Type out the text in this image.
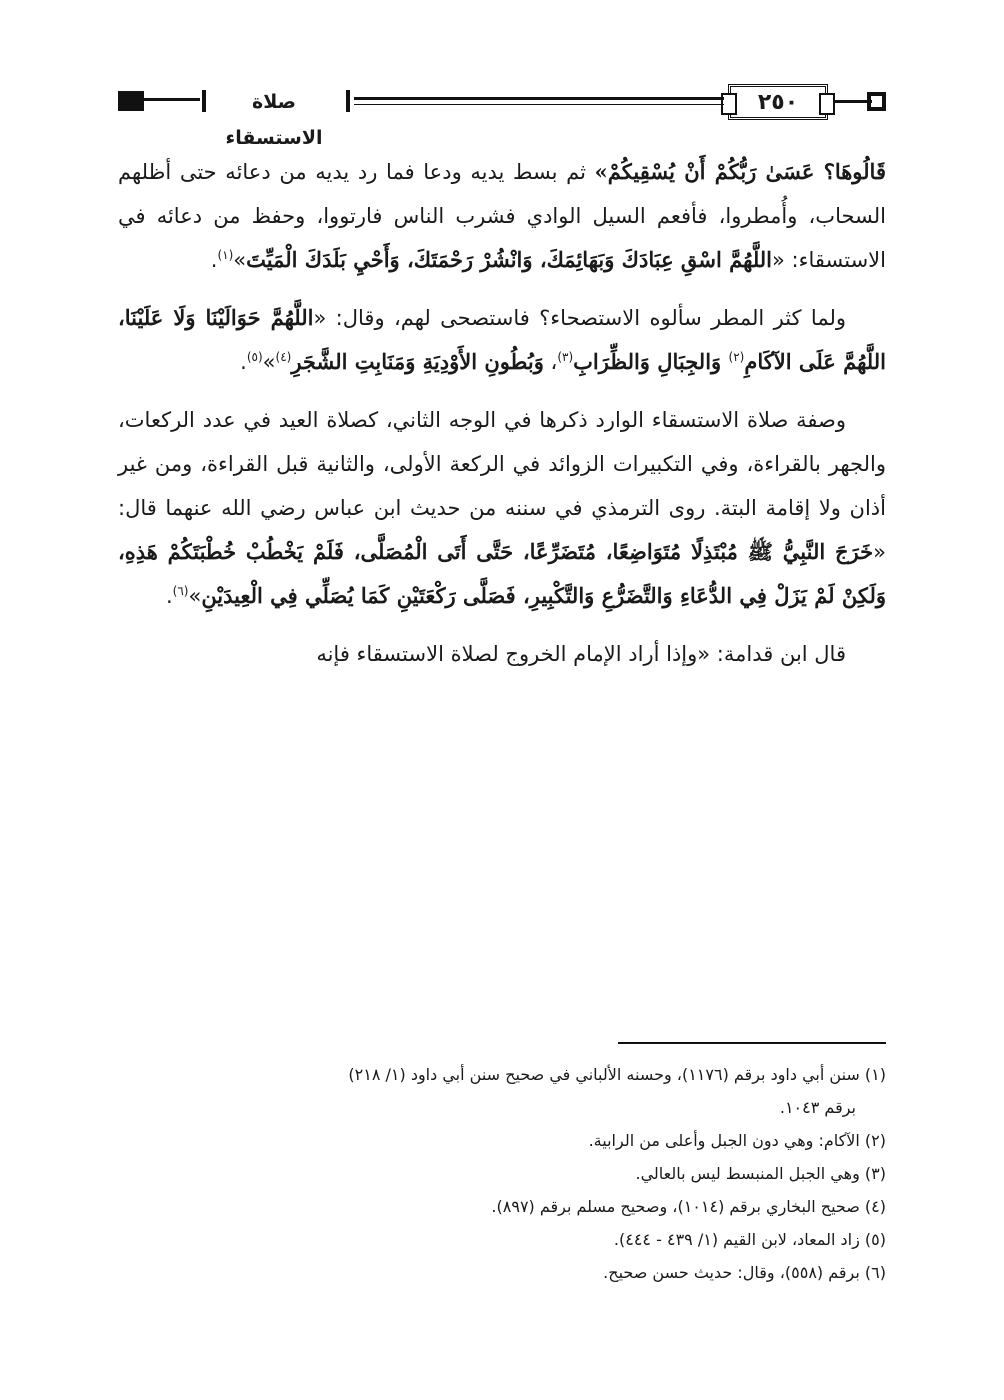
٢٥٠
صلاة الاستسقاء

قَالُوهَا؟ عَسَىٰ رَبُّكُمْ أَنْ يُسْقِيكُمْ» ثم بسط يديه ودعا فما رد يديه من دعائه حتى أظلهم السحاب، وأُمطروا، فأفعم السيل الوادي فشرب الناس فارتووا، وحفظ من دعائه في الاستسقاء: «اللَّهُمَّ اسْقِ عِبَادَكَ وَبَهَائِمَكَ، وَانْشُرْ رَحْمَتَكَ، وَأَحْيِ بَلَدَكَ الْمَيِّتَ»$^{(١)}$.

ولما كثر المطر سألوه الاستصحاء؟ فاستصحى لهم، وقال: «اللَّهُمَّ حَوَالَيْنَا وَلَا عَلَيْنَا، اللَّهُمَّ عَلَى الآكَامِ$^{(٢)}$ وَالجِبَالِ وَالظِّرَابِ$^{(٣)}$، وَبُطُونِ الأَوْدِيَةِ وَمَنَابِتِ الشَّجَرِ$^{(٤)}$»$^{(٥)}$.

وصفة صلاة الاستسقاء الوارد ذكرها في الوجه الثاني، كصلاة العيد في عدد الركعات، والجهر بالقراءة، وفي التكبيرات الزوائد في الركعة الأولى، والثانية قبل القراءة، ومن غير أذان ولا إقامة البتة. روى الترمذي في سننه من حديث ابن عباس رضي الله عنهما قال: «خَرَجَ النَّبِيُّ ﷺ مُبْتَذِلًا مُتَوَاضِعًا، مُتَضَرِّعًا، حَتَّى أَتَى الْمُصَلَّى، فَلَمْ يَخْطُبْ خُطْبَتَكُمْ هَذِهِ، وَلَكِنْ لَمْ يَزَلْ فِي الدُّعَاءِ وَالتَّضَرُّعِ وَالتَّكْبِيرِ، فَصَلَّى رَكْعَتَيْنِ كَمَا يُصَلِّي فِي الْعِيدَيْنِ»$^{(٦)}$.

قال ابن قدامة: «وإذا أراد الإمام الخروج لصلاة الاستسقاء فإنه

(١) سنن أبي داود برقم (١١٧٦)، وحسنه الألباني في صحيح سنن أبي داود (١/ ٢١٨)

برقم ١٠٤٣.

(٢) الآكام: وهي دون الجبل وأعلى من الرابية.

(٣) وهي الجبل المنبسط ليس بالعالي.

(٤) صحيح البخاري برقم (١٠١٤)، وصحيح مسلم برقم (٨٩٧).

(٥) زاد المعاد، لابن القيم (١/ ٤٣٩ - ٤٤٤).

(٦) برقم (٥٥٨)، وقال: حديث حسن صحيح.
